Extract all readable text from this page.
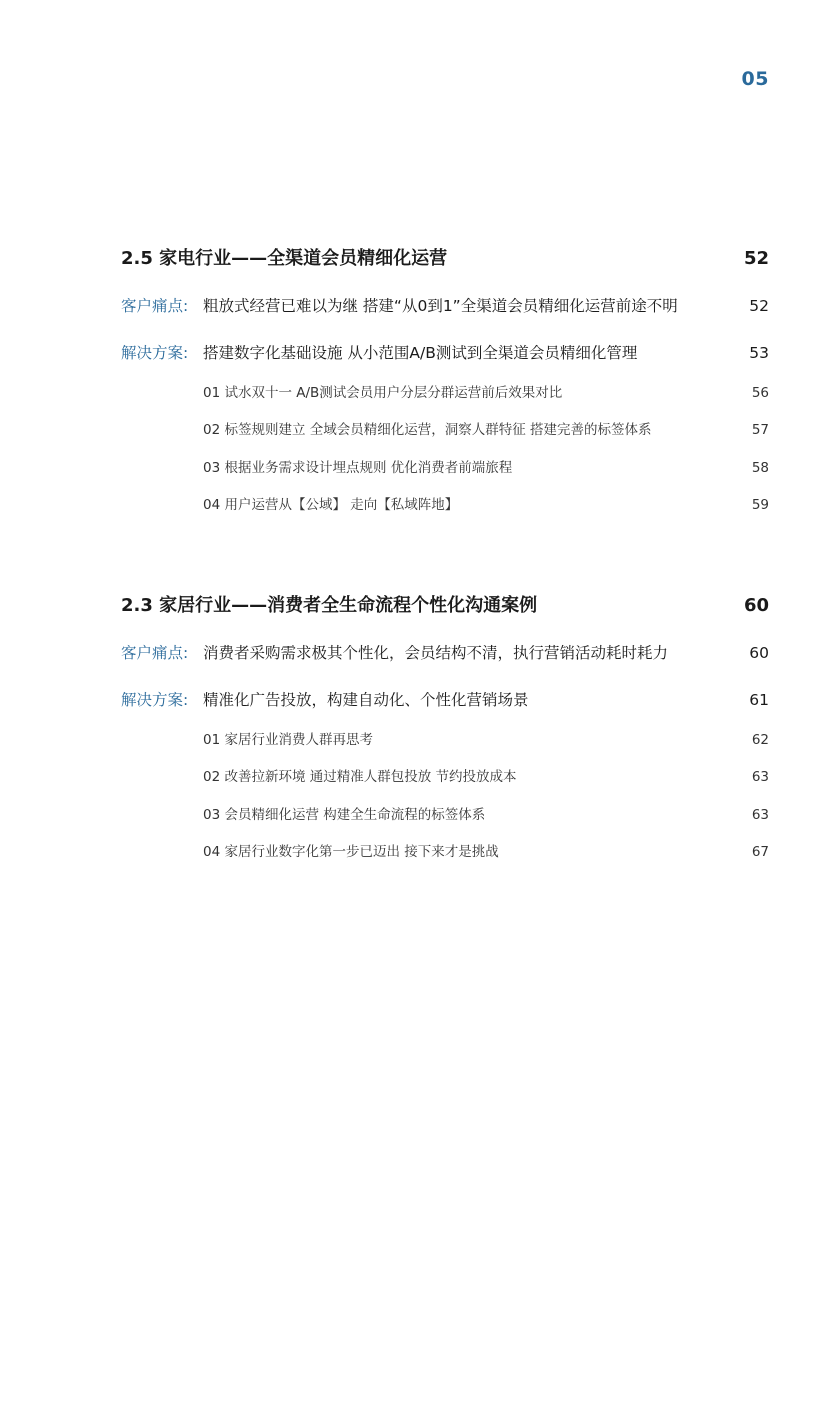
05
2.5 家电行业——全渠道会员精细化运营	52
客户痛点: 粗放式经营已难以为继 搭建“从0到1”全渠道会员精细化运营前途不明	52
解决方案: 搭建数字化基础设施 从小范围A/B测试到全渠道会员精细化管理	53
01 试水双十一 A/B测试会员用户分层分群运营前后效果对比	56
02 标签规则建立 全域会员精细化运营，洞察人群特征 搭建完善的标签体系	57
03 根据业务需求设计埋点规则 优化消费者前端旅程	58
04 用户运营从【公域】 走向【私域阵地】	59
2.3 家居行业——消费者全生命流程个性化沟通案例	60
客户痛点: 消费者采购需求极其个性化，会员结构不清，执行营销活动耗时耗力	60
解决方案: 精准化广告投放，构建自动化、个性化营销场景	61
01 家居行业消费人群再思考	62
02 改善拉新环境 通过精准人群包投放 节约投放成本	63
03 会员精细化运营 构建全生命流程的标签体系	63
04 家居行业数字化第一步已迈出 接下来才是挑战	67
